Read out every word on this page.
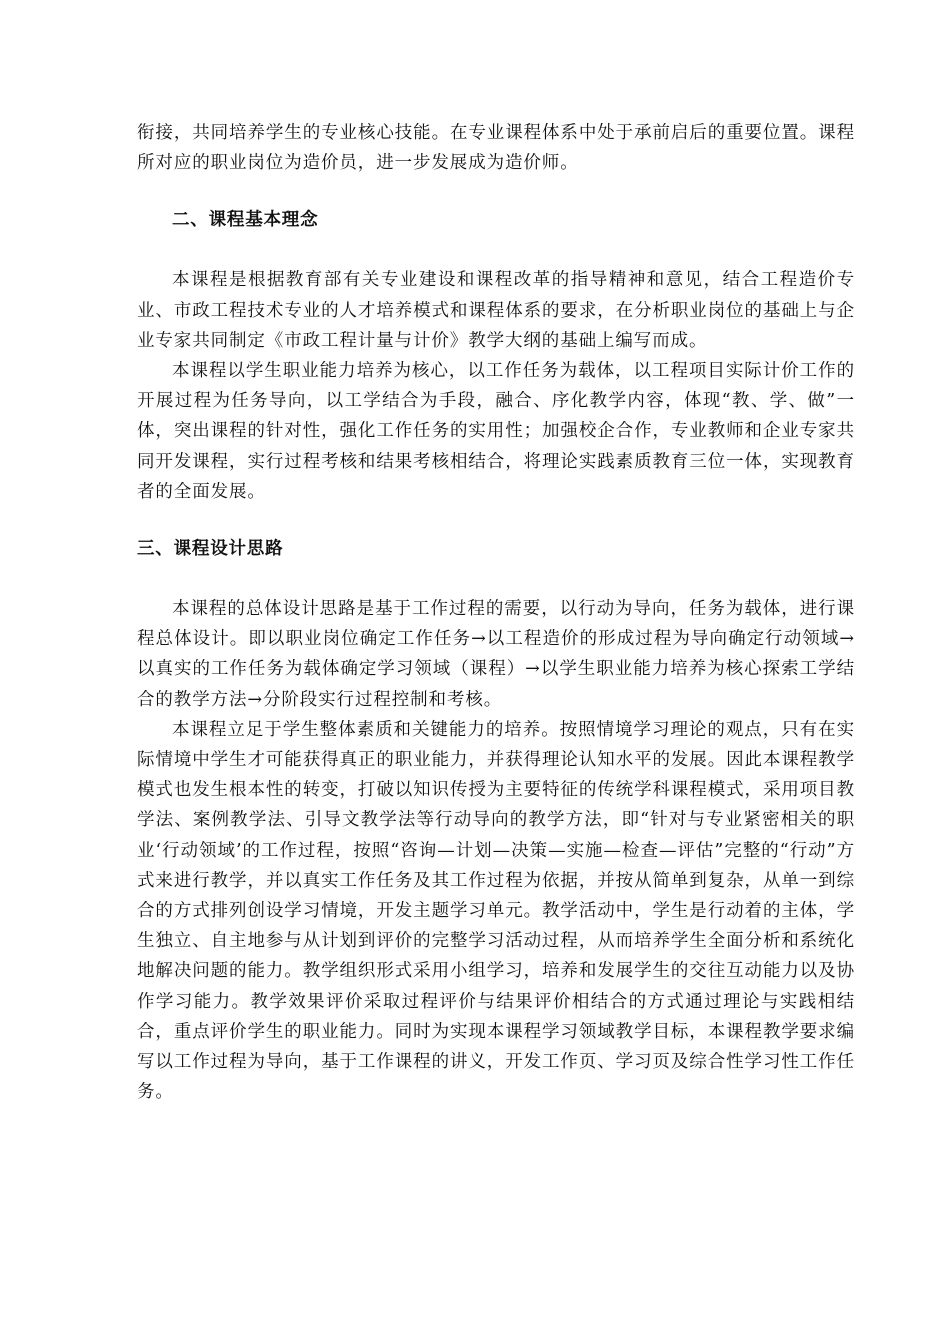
衔接，共同培养学生的专业核心技能。在专业课程体系中处于承前启后的重要位置。课程所对应的职业岗位为造价员，进一步发展成为造价师。

二、课程基本理念

本课程是根据教育部有关专业建设和课程改革的指导精神和意见，结合工程造价专业、市政工程技术专业的人才培养模式和课程体系的要求，在分析职业岗位的基础上与企业专家共同制定《市政工程计量与计价》教学大纲的基础上编写而成。

本课程以学生职业能力培养为核心，以工作任务为载体，以工程项目实际计价工作的开展过程为任务导向，以工学结合为手段，融合、序化教学内容，体现“教、学、做”一体，突出课程的针对性，强化工作任务的实用性；加强校企合作，专业教师和企业专家共同开发课程，实行过程考核和结果考核相结合，将理论实践素质教育三位一体，实现教育者的全面发展。

三、课程设计思路

本课程的总体设计思路是基于工作过程的需要，以行动为导向，任务为载体，进行课程总体设计。即以职业岗位确定工作任务→以工程造价的形成过程为导向确定行动领域→以真实的工作任务为载体确定学习领域（课程）→以学生职业能力培养为核心探索工学结合的教学方法→分阶段实行过程控制和考核。

本课程立足于学生整体素质和关键能力的培养。按照情境学习理论的观点，只有在实际情境中学生才可能获得真正的职业能力，并获得理论认知水平的发展。因此本课程教学模式也发生根本性的转变，打破以知识传授为主要特征的传统学科课程模式，采用项目教学法、案例教学法、引导文教学法等行动导向的教学方法，即“针对与专业紧密相关的职业‘行动领域’的工作过程，按照“咨询—计划—决策—实施—检查—评估”完整的“行动”方式来进行教学，并以真实工作任务及其工作过程为依据，并按从简单到复杂，从单一到综合的方式排列创设学习情境，开发主题学习单元。教学活动中，学生是行动着的主体，学生独立、自主地参与从计划到评价的完整学习活动过程，从而培养学生全面分析和系统化地解决问题的能力。教学组织形式采用小组学习，培养和发展学生的交往互动能力以及协作学习能力。教学效果评价采取过程评价与结果评价相结合的方式通过理论与实践相结合，重点评价学生的职业能力。同时为实现本课程学习领域教学目标，本课程教学要求编写以工作过程为导向，基于工作课程的讲义，开发工作页、学习页及综合性学习性工作任务。
